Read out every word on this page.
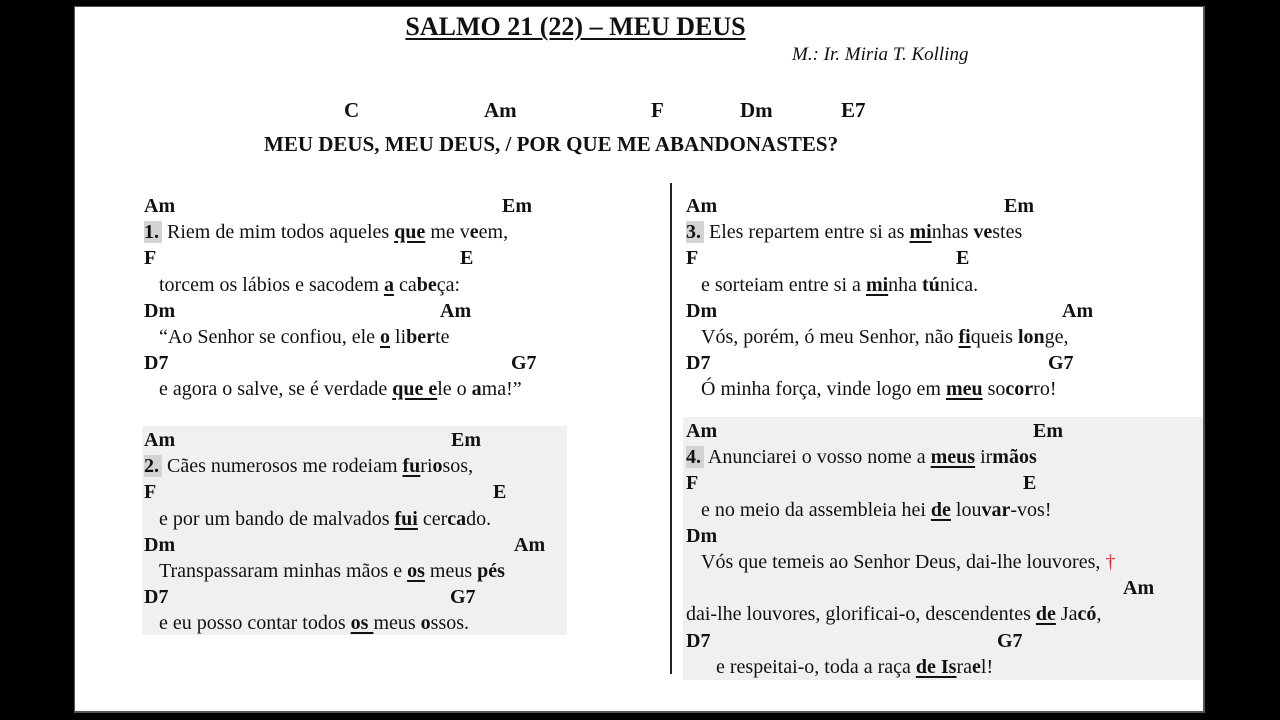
SALMO 21 (22) – MEU DEUS
M.: Ir. Miria T. Kolling
C	Am	F	Dm	E7
MEU DEUS, MEU DEUS, / POR QUE ME ABANDONASTES?
Am	Em
1. Riem de mim todos aqueles que me veem,
F	E
torcem os lábios e sacodem a cabeça:
Dm	Am
“Ao Senhor se confiou, ele o liberte
D7	G7
e agora o salve, se é verdade que ele o ama!”
Am	Em
2. Cães numerosos me rodeiam furiosos,
F	E
e por um bando de malvados fui cercado.
Dm	Am
Transpassaram minhas mãos e os meus pés
D7	G7
e eu posso contar todos os meus ossos.
Am	Em
3. Eles repartem entre si as minhas vestes
F	E
e sorteiam entre si a minha túnica.
Dm	Am
Vós, porém, ó meu Senhor, não fiqueis longe,
D7	G7
Ó minha força, vinde logo em meu socorro!
Am	Em
4. Anunciarei o vosso nome a meus irmãos
F	E
e no meio da assembleia hei de louvar-vos!
Dm
Vós que temeis ao Senhor Deus, dai-lhe louvores, †
Am
dai-lhe louvores, glorificai-o, descendentes de Jacó,
D7	G7
e respeitai-o, toda a raça de Israel!
